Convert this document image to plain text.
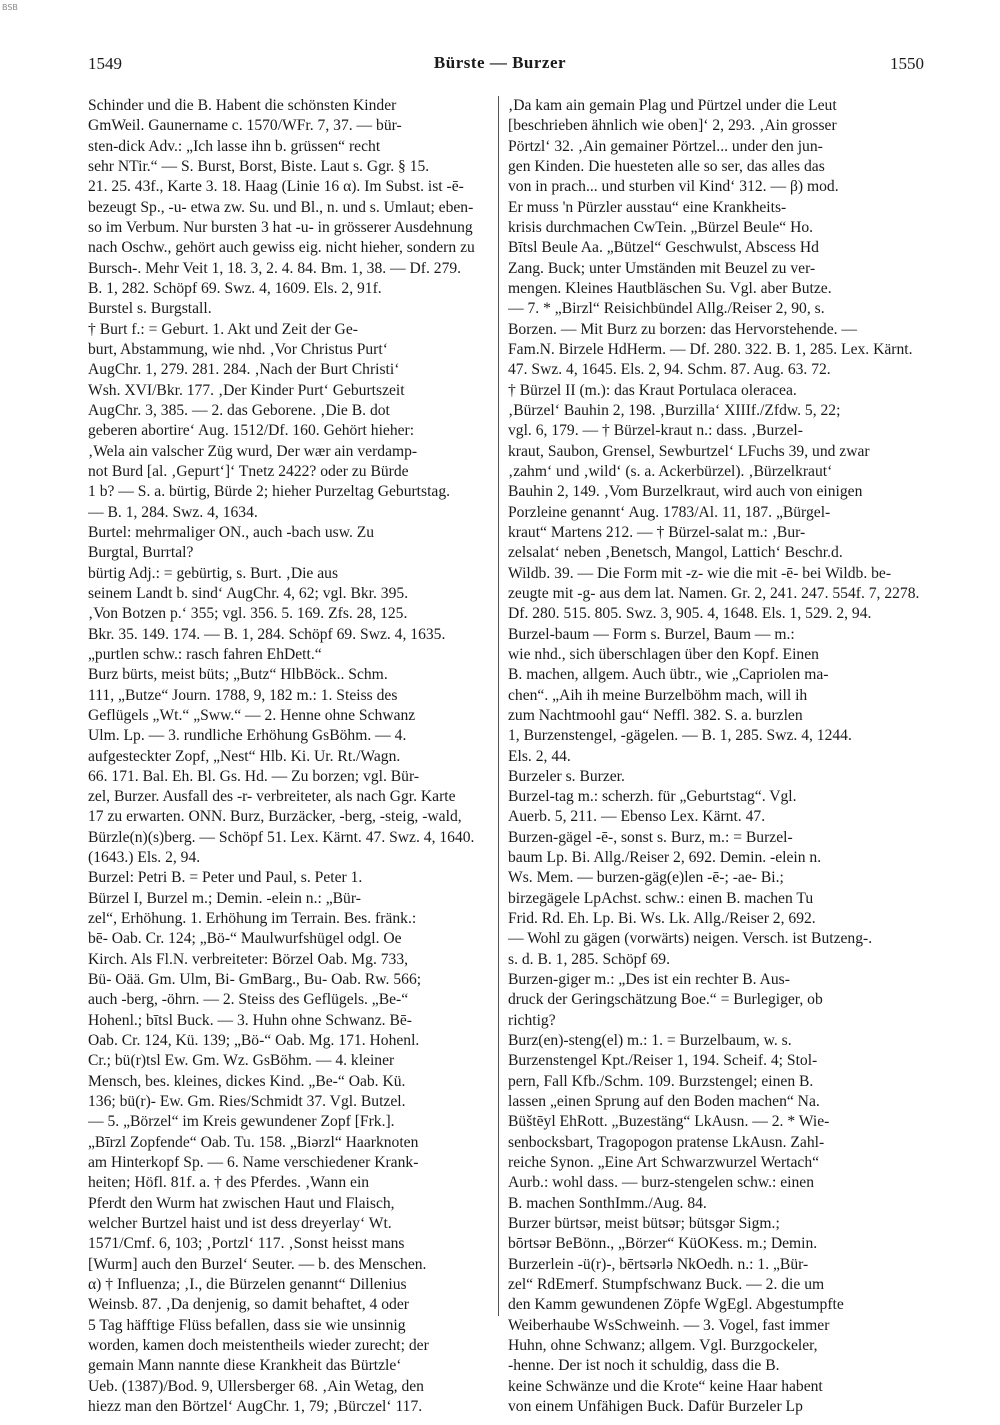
BSB
1549	Bürste — Burzer	1550
Schinder und die B. Habent die schönsten Kinder
GmWeil. Gaunername c. 1570/WFr. 7, 37. — bür-
sten-dick Adv.: „Ich lasse ihn b. grüssen“ recht
sehr NTir.“ — S. Burst, Borst, Biste. Laut s. Ggr. § 15.
21. 25. 43f., Karte 3. 18. Haag (Linie 16 α). Im Subst. ist -ē-
bezeugt Sp., -u- etwa zw. Su. und Bl., n. und s. Umlaut; eben-
so im Verbum. Nur bursten 3 hat -u- in grösserer Ausdehnung
nach Oschw., gehört auch gewiss eig. nicht hieher, sondern zu
Bursch-. Mehr Veit 1, 18. 3, 2. 4. 84. Bm. 1, 38. — Df. 279.
B. 1, 282. Schöpf 69. Swz. 4, 1609. Els. 2, 91f.
Burstel s. Burgstall.
† Burt f.: = Geburt. 1. Akt und Zeit der Ge-
burt, Abstammung, wie nhd. ‚Vor Christus Purt‘
AugChr. 1, 279. 281. 284. ‚Nach der Burt Christi‘
Wsh. XVI/Bkr. 177. ‚Der Kinder Purt‘ Geburtszeit
AugChr. 3, 385. — 2. das Geborene. ‚Die B. dot
geberen abortire‘ Aug. 1512/Df. 160. Gehört hieher:
‚Wela ain valscher Züg wurd, Der wær ain verdamp-
not Burd [al. ‚Gepurt‘]‘ Tnetz 2422? oder zu Bürde
1 b? — S. a. bürtig, Bürde 2; hieher Purzeltag Geburtstag.
— B. 1, 284. Swz. 4, 1634.
Burtel: mehrmaliger ON., auch -bach usw. Zu
Burgtal, Burrtal?
bürtig Adj.: = gebürtig, s. Burt. ‚Die aus
seinem Landt b. sind‘ AugChr. 4, 62; vgl. Bkr. 395.
‚Von Botzen p.‘ 355; vgl. 356. 5. 169. Zfs. 28, 125.
Bkr. 35. 149. 174. — B. 1, 284. Schöpf 69. Swz. 4, 1635.
„purtlen schw.: rasch fahren EhDett.“
Burz bürts, meist büts; „Butz“ HlbBöck.. Schm.
111, „Butze“ Journ. 1788, 9, 182 m.: 1. Steiss des
Geflügels „Wt.“ „Sww.“ — 2. Henne ohne Schwanz
Ulm. Lp. — 3. rundliche Erhöhung GsBöhm. — 4.
aufgesteckter Zopf, „Nest“ Hlb. Ki. Ur. Rt./Wagn.
66. 171. Bal. Eh. Bl. Gs. Hd. — Zu borzen; vgl. Bür-
zel, Burzer. Ausfall des -r- verbreiteter, als nach Ggr. Karte
17 zu erwarten. ONN. Burz, Burzäcker, -berg, -steig, -wald,
Bürzle(n)(s)berg. — Schöpf 51. Lex. Kärnt. 47. Swz. 4, 1640.
(1643.) Els. 2, 94.
Burzel: Petri B. = Peter und Paul, s. Peter 1.
Bürzel I, Burzel m.; Demin. -elein n.: „Bür-
zel“, Erhöhung. 1. Erhöhung im Terrain. Bes. fränk.:
bē- Oab. Cr. 124; „Bö-“ Maulwurfshügel odgl. Oe
Kirch. Als Fl.N. verbreiteter: Börzel Oab. Mg. 733,
Bü- Oää. Gm. Ulm, Bi- GmBarg., Bu- Oab. Rw. 566;
auch -berg, -öhrn. — 2. Steiss des Geflügels. „Be-“
Hohenl.; bītsl Buck. — 3. Huhn ohne Schwanz. Bē-
Oab. Cr. 124, Kü. 139; „Bö-“ Oab. Mg. 171. Hohenl.
Cr.; bü(r)tsl Ew. Gm. Wz. GsBöhm. — 4. kleiner
Mensch, bes. kleines, dickes Kind. „Be-“ Oab. Kü.
136; bü(r)- Ew. Gm. Ries/Schmidt 37. Vgl. Butzel.
— 5. „Börzel“ im Kreis gewundener Zopf [Frk.].
„Bīrzl Zopfende“ Oab. Tu. 158. „Biərzl“ Haarknoten
am Hinterkopf Sp. — 6. Name verschiedener Krank-
heiten; Höfl. 81f. a. † des Pferdes. ‚Wann ein
Pferdt den Wurm hat zwischen Haut und Flaisch,
welcher Burtzel haist und ist dess dreyerlay‘ Wt.
1571/Cmf. 6, 103; ‚Portzl‘ 117. ‚Sonst heisst mans
[Wurm] auch den Burzel‘ Seuter. — b. des Menschen.
α) † Influenza; ‚I., die Bürzelen genannt“ Dillenius
Weinsb. 87. ‚Da denjenig, so damit behaftet, 4 oder
5 Tag häfftige Flüss befallen, dass sie wie unsinnig
worden, kamen doch meistentheils wieder zurecht; der
gemain Mann nannte diese Krankheit das Bürtzle‘
Ueb. (1387)/Bod. 9, Ullersberger 68. ‚Ain Wetag, den
hiezz man den Börtzel‘ AugChr. 1, 79; ‚Bürczel‘ 117.
‚Da kam ain gemain Plag und Pürtzel under die Leut
[beschrieben ähnlich wie oben]‘ 2, 293. ‚Ain grosser
Pörtzl‘ 32. ‚Ain gemainer Pörtzel... under den jun-
gen Kinden. Die huesteten alle so ser, das alles das
von in prach... und sturben vil Kind‘ 312. — β) mod.
Er muss 'n Pürzler ausstau“ eine Krankheits-
krisis durchmachen CwTein. „Bürzel Beule“ Ho.
Bītsl Beule Aa. „Bützel“ Geschwulst, Abscess Hd
Zang. Buck; unter Umständen mit Beuzel zu ver-
mengen. Kleines Hautbläschen Su. Vgl. aber Butze.
— 7. * „Birzl“ Reisichbündel Allg./Reiser 2, 90, s.
Borzen. — Mit Burz zu borzen: das Hervorstehende. —
Fam.N. Birzele HdHerm. — Df. 280. 322. B. 1, 285. Lex. Kärnt.
47. Swz. 4, 1645. Els. 2, 94. Schm. 87. Aug. 63. 72.
† Bürzel II (m.): das Kraut Portulaca oleracea.
‚Bürzel‘ Bauhin 2, 198. ‚Burzilla‘ XIIIf./Zfdw. 5, 22;
vgl. 6, 179. — † Bürzel-kraut n.: dass. ‚Burzel-
kraut, Saubon, Grensel, Sewburtzel‘ LFuchs 39, und zwar
‚zahm‘ und ‚wild‘ (s. a. Ackerbürzel). ‚Bürzelkraut‘
Bauhin 2, 149. ‚Vom Burzelkraut, wird auch von einigen
Porzleine genannt‘ Aug. 1783/Al. 11, 187. „Bürgel-
kraut“ Martens 212. — † Bürzel-salat m.: ‚Bur-
zelsalat‘ neben ‚Benetsch, Mangol, Lattich‘ Beschr.d.
Wildb. 39. — Die Form mit -z- wie die mit -ē- bei Wildb. be-
zeugte mit -g- aus dem lat. Namen. Gr. 2, 241. 247. 554f. 7, 2278.
Df. 280. 515. 805. Swz. 3, 905. 4, 1648. Els. 1, 529. 2, 94.
Burzel-baum — Form s. Burzel, Baum — m.:
wie nhd., sich überschlagen über den Kopf. Einen
B. machen, allgem. Auch übtr., wie „Capriolen ma-
chen“. „Aih ih meine Burzelböhm mach, will ih
zum Nachtmoohl gau“ Neffl. 382. S. a. burzlen
1, Burzenstengel, -gägelen. — B. 1, 285. Swz. 4, 1244.
Els. 2, 44.
Burzeler s. Burzer.
Burzel-tag m.: scherzh. für „Geburtstag“. Vgl.
Auerb. 5, 211. — Ebenso Lex. Kärnt. 47.
Burzen-gägel -ē-, sonst s. Burz, m.: = Burzel-
baum Lp. Bi. Allg./Reiser 2, 692. Demin. -elein n.
Ws. Mem. — burzen-gäg(e)len -ē-; -ae- Bi.;
birzegägele LpAchst. schw.: einen B. machen Tu
Frid. Rd. Eh. Lp. Bi. Ws. Lk. Allg./Reiser 2, 692.
— Wohl zu gägen (vorwärts) neigen. Versch. ist Butzeng-.
s. d. B. 1, 285. Schöpf 69.
Burzen-giger m.: „Des ist ein rechter B. Aus-
druck der Geringschätzung Boe.“ = Burlegiger, ob
richtig?
Burz(en)-steng(el) m.: 1. = Burzelbaum, w. s.
Burzenstengel Kpt./Reiser 1, 194. Scheif. 4; Stol-
pern, Fall Kfb./Schm. 109. Burzstengel; einen B.
lassen „einen Sprung auf den Boden machen“ Na.
Büštēyl EhRott. „Buzestäng“ LkAusn. — 2. * Wie-
senbocksbart, Tragopogon pratense LkAusn. Zahl-
reiche Synon. „Eine Art Schwarzwurzel Wertach“
Aurb.: wohl dass. — burz-stengelen schw.: einen
B. machen SonthImm./Aug. 84.
Burzer bürtsər, meist bütsər; bütsgər Sigm.;
bōrtsər BeBönn., „Börzer“ KüOKess. m.; Demin.
Burzerlein -ü(r)-, bērtsərlə NkOedh. n.: 1. „Bür-
zel“ RdEmerf. Stumpfschwanz Buck. — 2. die um
den Kamm gewundenen Zöpfe WgEgl. Abgestumpfte
Weiberhaube WsSchweinh. — 3. Vogel, fast immer
Huhn, ohne Schwanz; allgem. Vgl. Burzgockeler,
-henne. Der ist noch it schuldig, dass die B.
keine Schwänze und die Krote“ keine Haar habent
von einem Unfähigen Buck. Dafür Burzeler Lp
